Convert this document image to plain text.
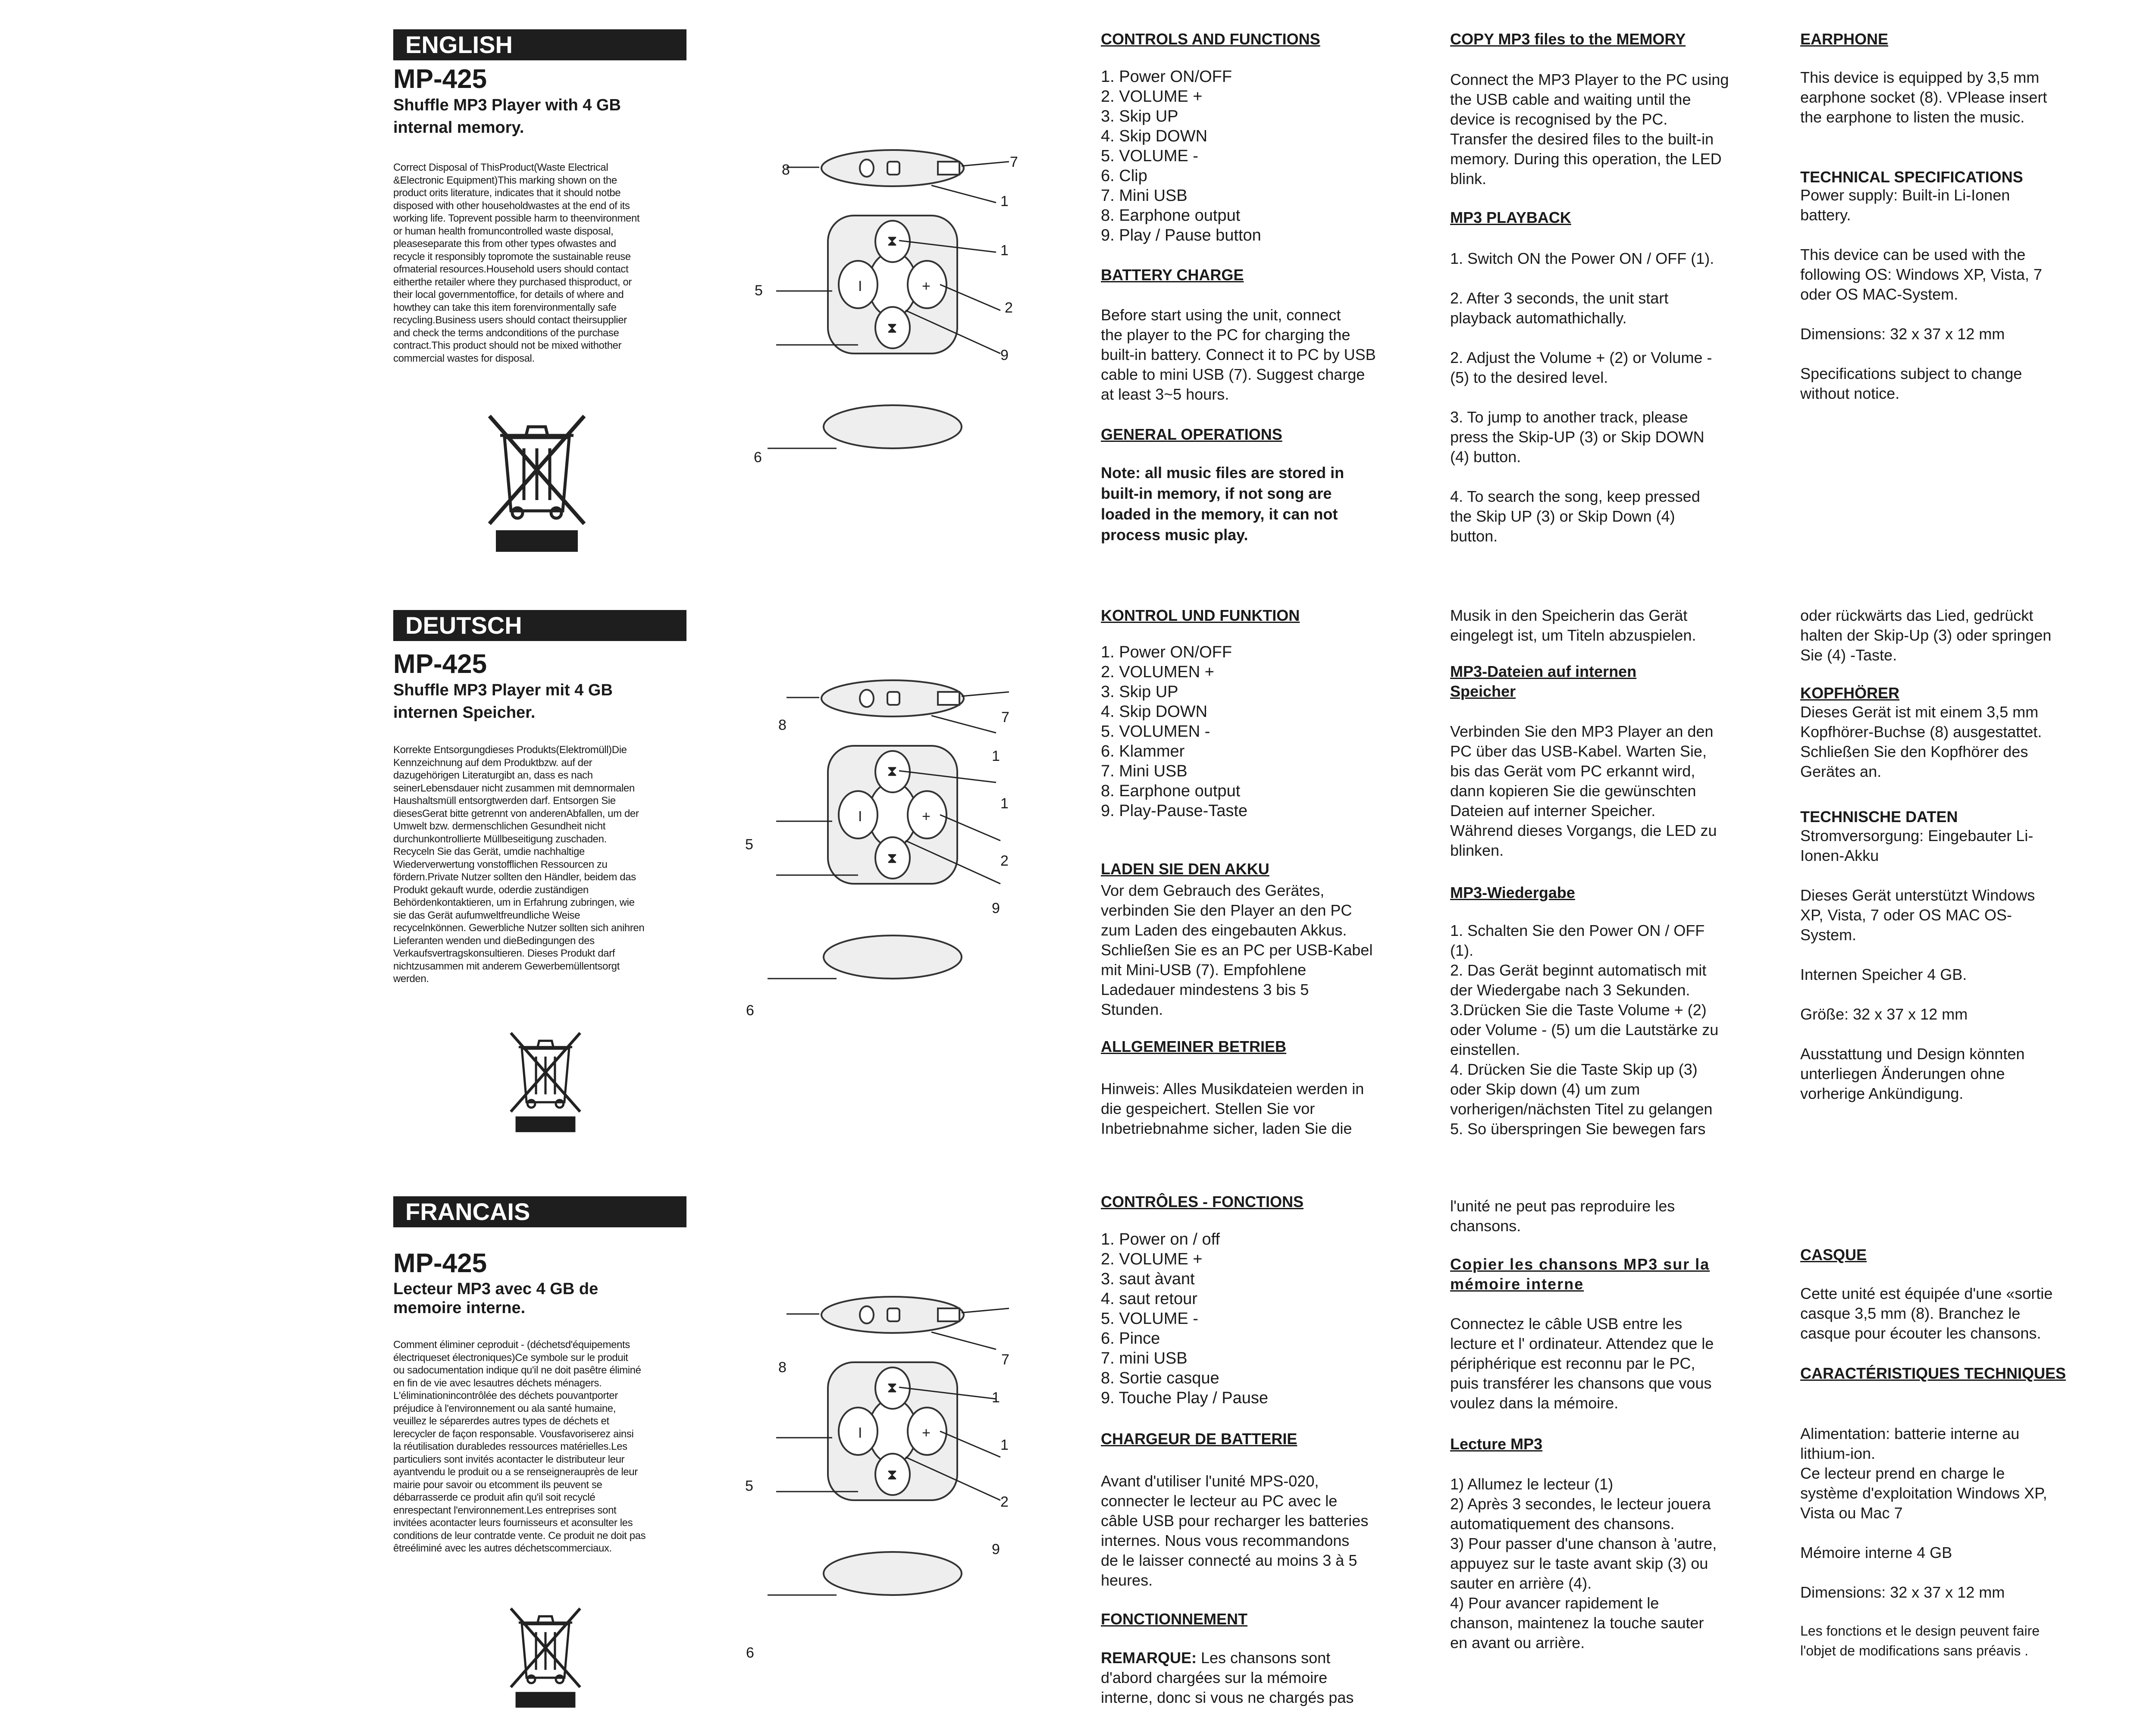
ENGLISH
MP-425
Shuffle MP3 Player with 4 GB internal memory.
Correct Disposal of ThisProduct(Waste Electrical
&Electronic Equipment)This marking shown on the
product orits literature, indicates that it should notbe
disposed with other householdwastes at the end of its
working life. Toprevent possible harm to theenvironment
or human health fromuncontrolled waste disposal,
pleaseseparate this from other types ofwastes and
recycle it responsibly topromote the sustainable reuse
ofmaterial resources.Household users should contact
eitherthe retailer where they purchased thisproduct, or
their local governmentoffice, for details of where and
howthey can take this item forenvironmentally safe
recycling.Business users should contact theirsupplier
and check the terms andconditions of the purchase
contract.This product should not be mixed withother
commercial wastes for disposal.
CONTROLS AND FUNCTIONS
1. Power ON/OFF
2. VOLUME +
3. Skip UP
4. Skip DOWN
5. VOLUME -
6. Clip
7. Mini USB
8. Earphone output
9. Play / Pause button
BATTERY CHARGE
Before start using the unit, connect
the player to the PC for charging the
built-in battery. Connect it to PC by USB
cable to mini USB (7). Suggest charge
at least 3~5 hours.
GENERAL OPERATIONS
Note: all music files are stored in
built-in memory, if not song are
loaded in the memory, it can not
process music play.
COPY MP3 files to the MEMORY
Connect the MP3 Player to the PC using
the USB cable and waiting until the
device is recognised by the PC.
Transfer the desired files to the built-in
memory. During this operation, the LED
blink.
MP3 PLAYBACK
1. Switch ON the Power ON / OFF (1).

2. After 3 seconds, the unit start
playback automathichally.

2. Adjust the Volume + (2) or Volume -
(5) to the desired level.

3. To jump to another track, please
press the Skip-UP (3) or Skip DOWN
(4) button.

4. To search the song, keep pressed
the Skip UP (3) or Skip Down (4)
button.
EARPHONE
This device is equipped by 3,5 mm
earphone socket (8). VPlease insert
the earphone to listen the music.
TECHNICAL SPECIFICATIONS
Power supply: Built-in Li-Ionen
battery.

This device can be used with the
following OS: Windows XP, Vista, 7
oder OS MAC-System.

Dimensions: 32 x 37 x 12 mm

Specifications subject to change
without notice.
DEUTSCH
MP-425
Shuffle MP3 Player mit 4 GB internen Speicher.
Korrekte Entsorgungdieses Produkts(Elektromüll)Die
Kennzeichnung auf dem Produktbzw. auf der
dazugehörigen Literaturgibt an, dass es nach
seinerLebensdauer nicht zusammen mit demnormalen
Haushaltsmüll entsorgtwerden darf. Entsorgen Sie
diesesGerat bitte getrennt von anderenAbfallen, um der
Umwelt bzw. dermenschlichen Gesundheit nicht
durchunkontrollierte Müllbeseitigung zuschaden.
Recyceln Sie das Gerät, umdie nachhaltige
Wiederverwertung vonstofflichen Ressourcen zu
fördern.Private Nutzer sollten den Händler, beidem das
Produkt gekauft wurde, oderdie zuständigen
Behördenkontaktieren, um in Erfahrung zubringen, wie
sie das Gerät aufumweltfreundliche Weise
recycelnkönnen. Gewerbliche Nutzer sollten sich anihren
Lieferanten wenden und dieBedingungen des
Verkaufsvertragskonsultieren. Dieses Produkt darf
nichtzusammen mit anderem Gewerbemüllentsorgt
werden.
KONTROL UND FUNKTION
1. Power ON/OFF
2. VOLUMEN +
3. Skip UP
4. Skip DOWN
5. VOLUMEN -
6. Klammer
7. Mini USB
8. Earphone output
9. Play-Pause-Taste
LADEN SIE DEN AKKU
Vor dem Gebrauch des Gerätes,
verbinden Sie den Player an den PC
zum Laden des eingebauten Akkus.
Schließen Sie es an PC per USB-Kabel
mit Mini-USB (7). Empfohlene
Ladedauer mindestens 3 bis 5
Stunden.
ALLGEMEINER BETRIEB
Hinweis: Alles Musikdateien werden in
die gespeichert. Stellen Sie vor
Inbetriebnahme sicher, laden Sie die
Musik in den Speicherin das Gerät
eingelegt ist, um Titeln abzuspielen.
MP3-Dateien auf internen
Speicher
Verbinden Sie den MP3 Player an den
PC über das USB-Kabel. Warten Sie,
bis das Gerät vom PC erkannt wird,
dann kopieren Sie die gewünschten
Dateien auf interner Speicher.
Während dieses Vorgangs, die LED zu
blinken.
MP3-Wiedergabe
1. Schalten Sie den Power ON / OFF
(1).
2. Das Gerät beginnt automatisch mit
der Wiedergabe nach 3 Sekunden.
3.Drücken Sie die Taste Volume + (2)
oder Volume - (5) um die Lautstärke zu
einstellen.
4. Drücken Sie die Taste Skip up (3)
oder Skip down (4) um zum
vorherigen/nächsten Titel zu gelangen
5. So überspringen Sie bewegen fars
oder rückwärts das Lied, gedrückt
halten der Skip-Up (3) oder springen
Sie (4) -Taste.
KOPFHÖRER
Dieses Gerät ist mit einem 3,5 mm
Kopfhörer-Buchse (8) ausgestattet.
Schließen Sie den Kopfhörer des
Gerätes an.
TECHNISCHE DATEN
Stromversorgung: Eingebauter Li-
Ionen-Akku

Dieses Gerät unterstützt Windows
XP, Vista, 7 oder OS MAC OS-
System.

Internen Speicher 4 GB.

Größe: 32 x 37 x 12 mm

Ausstattung und Design könnten
unterliegen Änderungen ohne
vorherige Ankündigung.
FRANCAIS
MP-425
Lecteur MP3 avec 4 GB de memoire interne.
Comment éliminer ceproduit - (déchetsd'équipements
électriqueset électroniques)Ce symbole sur le produit
ou sadocumentation indique qu'il ne doit pasêtre éliminé
en fin de vie avec lesautres déchets ménagers.
L'éliminationincontrôlée des déchets pouvantporter
préjudice à l'environnement ou ala santé humaine,
veuillez le séparerdes autres types de déchets et
lerecycler de façon responsable. Vousfavoriserez ainsi
la réutilisation durabledes ressources matérielles.Les
particuliers sont invités acontacter le distributeur leur
ayantvendu le produit ou a se renseignerauprès de leur
mairie pour savoir ou etcomment ils peuvent se
débarrasserde ce produit afin qu'il soit recyclé
enrespectant l'environnement.Les entreprises sont
invitées acontacter leurs fournisseurs et aconsulter les
conditions de leur contratde vente. Ce produit ne doit pas
êtreéliminé avec les autres déchetscommerciaux.
CONTRÔLES - FONCTIONS
1. Power on / off
2. VOLUME +
3. saut àvant
4. saut retour
5. VOLUME -
6. Pince
7. mini USB
8. Sortie casque
9. Touche Play / Pause
CHARGEUR DE BATTERIE
Avant d'utiliser l'unité MPS-020,
connecter le lecteur au PC avec le
câble USB pour recharger les batteries
internes. Nous vous recommandons
de le laisser connecté au moins 3 à 5
heures.
FONCTIONNEMENT
REMARQUE: Les chansons sont
d'abord chargées sur la mémoire
interne, donc si vous ne chargés pas
l'unité ne peut pas reproduire les
chansons.
Copier les chansons MP3 sur la
mémoire interne
Connectez le câble USB entre les
lecture et l' ordinateur. Attendez que le
périphérique est reconnu par le PC,
puis transférer les chansons que vous
voulez dans la mémoire.
Lecture MP3
1) Allumez le lecteur (1)
2) Après 3 secondes, le lecteur jouera
automatiquement des chansons.
3) Pour passer d'une chanson à 'autre,
appuyez sur le taste avant skip (3) ou
sauter en arrière (4).
4) Pour avancer rapidement le
chanson, maintenez la touche sauter
en avant ou arrière.
CASQUE
Cette unité est équipée d'une «sortie
casque 3,5 mm (8). Branchez le
casque pour écouter les chansons.
CARACTÉRISTIQUES TECHNIQUES
Alimentation: batterie interne au
lithium-ion.
Ce lecteur prend en charge le
système d'exploitation Windows XP,
Vista ou Mac 7

Mémoire interne 4 GB

Dimensions: 32 x 37 x 12 mm
Les fonctions et le design peuvent faire
l'objet de modifications sans préavis .
I	+
⧗
⧗
8	7
1
1
5
2
9
6
I	+
⧗
⧗
8	7
1
1
5
2
9
6
I	+
⧗
⧗
8	7
1
1
5
2
9
6
